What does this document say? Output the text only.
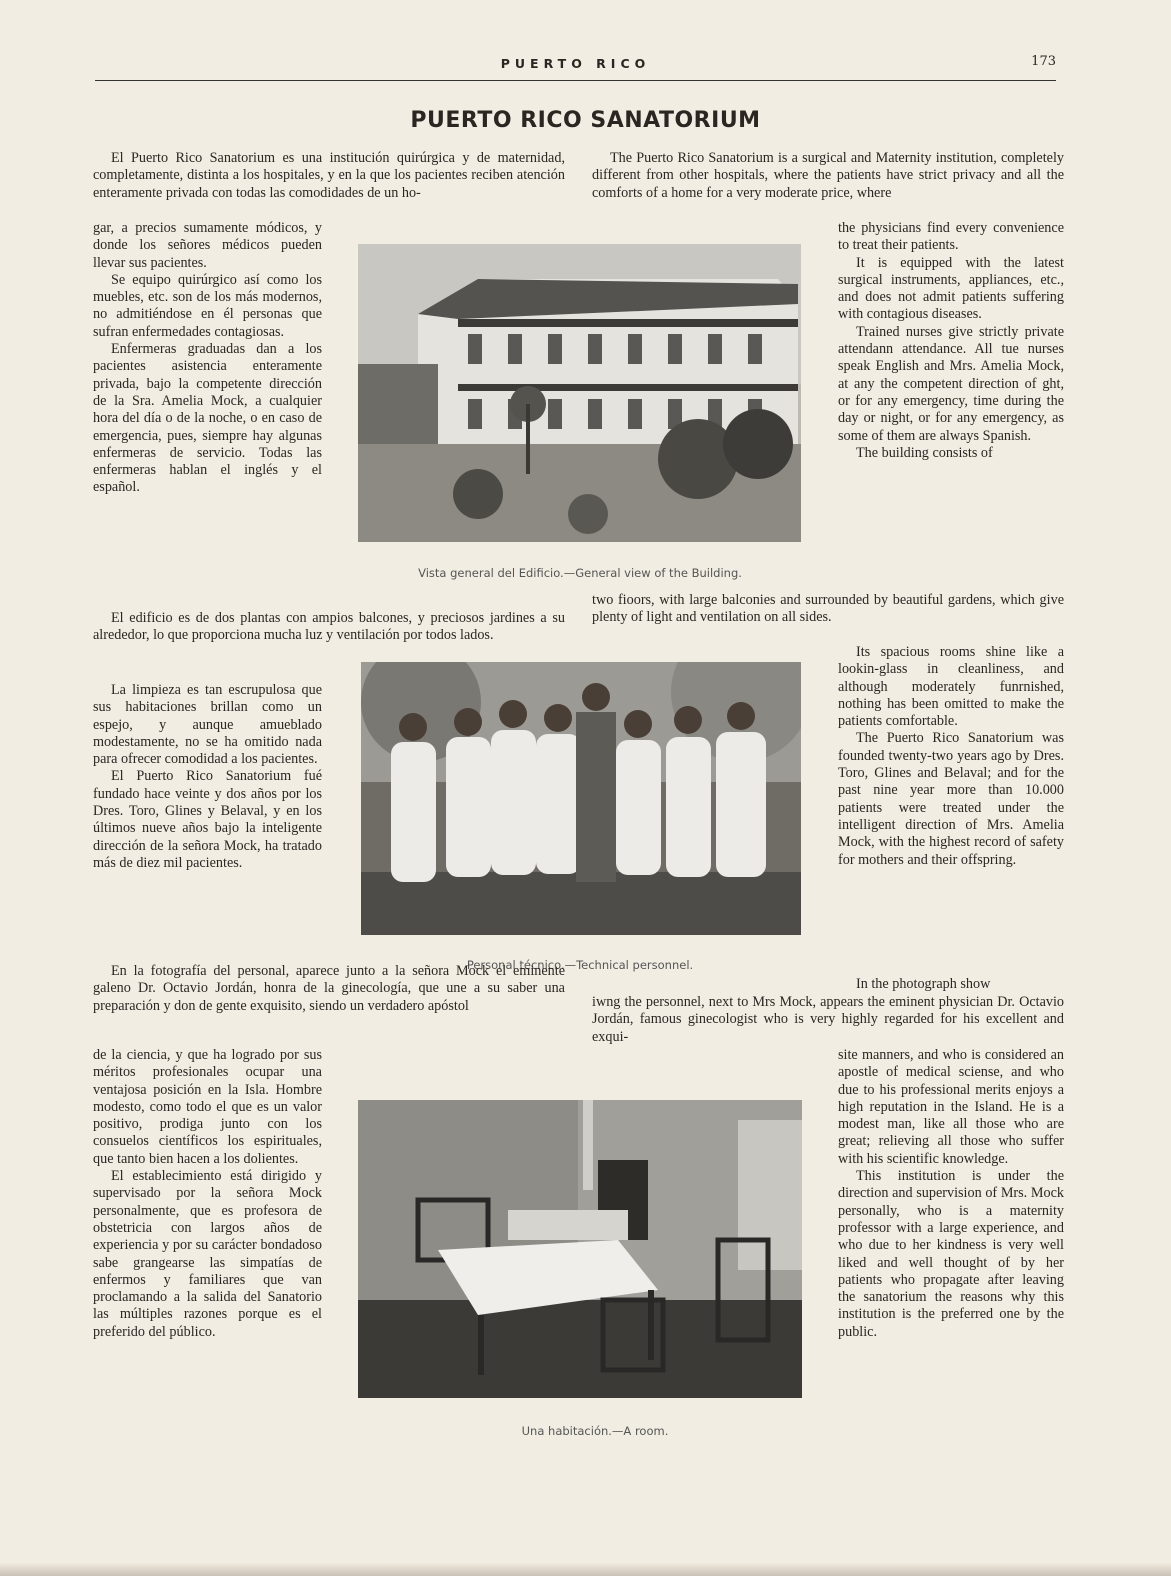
PUERTO RICO	173
PUERTO RICO SANATORIUM

El Puerto Rico Sanatorium es una institución quirúrgica y de maternidad, completamente, distinta a los hospitales, y en la que los pacientes reciben atención enteramente privada con todas las comodidades de un ho-

The Puerto Rico Sanatorium is a surgical and Maternity institution, completely different from other hospitals, where the patients have strict privacy and all the comforts of a home for a very moderate price, where

gar, a precios sumamente módicos, y donde los señores médicos pueden llevar sus pacientes.

Se equipo quirúrgico así como los muebles, etc. son de los más modernos, no admitiéndose en él personas que sufran enfermedades contagiosas.

Enfermeras graduadas dan a los pacientes asistencia enteramente privada, bajo la competente dirección de la Sra. Amelia Mock, a cualquier hora del día o de la noche, o en caso de emergencia, pues, siempre hay algunas enfermeras de servicio. Todas las enfermeras hablan el inglés y el español.

the physicians find every convenience to treat their patients.

It is equipped with the latest surgical instruments, appliances, etc., and does not admit patients suffering with contagious diseases.

Trained nurses give strictly private attendann attendance. All tue nurses speak English and Mrs. Amelia Mock, at any the competent direction of ght, or for any emergency, time during the day or night, or for any emergency, as some of them are always Spanish.

The building consists of

Vista general del Edificio.—General view of the Building.

El edificio es de dos plantas con ampios balcones, y preciosos jardines a su alrededor, lo que proporciona mucha luz y ventilación por todos lados.

two fioors, with large balconies and surrounded by beautiful gardens, which give plenty of light and ventilation on all sides.

La limpieza es tan escrupulosa que sus habitaciones brillan como un espejo, y aunque amueblado modestamente, no se ha omitido nada para ofrecer comodidad a los pacientes.

El Puerto Rico Sanatorium fué fundado hace veinte y dos años por los Dres. Toro, Glines y Belaval, y en los últimos nueve años bajo la inteligente dirección de la señora Mock, ha tratado más de diez mil pacientes.

Its spacious rooms shine like a lookin-glass in cleanliness, and although moderately funrnished, nothing has been omitted to make the patients comfortable.

The Puerto Rico Sanatorium was founded twenty-two years ago by Dres. Toro, Glines and Belaval; and for the past nine year more than 10.000 patients were treated under the intelligent direction of Mrs. Amelia Mock, with the highest record of safety for mothers and their offspring.

Personal técnico.—Technical personnel.

En la fotografía del personal, aparece junto a la señora Mock el eminente galeno Dr. Octavio Jordán, honra de la ginecología, que une a su saber una preparación y don de gente exquisito, siendo un verdadero apóstol

In the photograph show

iwng the personnel, next to Mrs Mock, appears the eminent physician Dr. Octavio Jordán, famous ginecologist who is very highly regarded for his excellent and exqui-

de la ciencia, y que ha logrado por sus méritos profesionales ocupar una ventajosa posición en la Isla. Hombre modesto, como todo el que es un valor positivo, prodiga junto con los consuelos científicos los espirituales, que tanto bien hacen a los dolientes.

El establecimiento está dirigido y supervisado por la señora Mock personalmente, que es profesora de obstetricia con largos años de experiencia y por su carácter bondadoso sabe grangearse las simpatías de enfermos y familiares que van proclamando a la salida del Sanatorio las múltiples razones porque es el preferido del público.

site manners, and who is considered an apostle of medical sciense, and who due to his professional merits enjoys a high reputation in the Island. He is a modest man, like all those who are great; relieving all those who suffer with his scientific knowledge.

This institution is under the direction and supervision of Mrs. Mock personally, who is a maternity professor with a large experience, and who due to her kindness is very well liked and well thought of by her patients who propagate after leaving the sanatorium the reasons why this institution is the preferred one by the public.

Una habitación.—A room.
